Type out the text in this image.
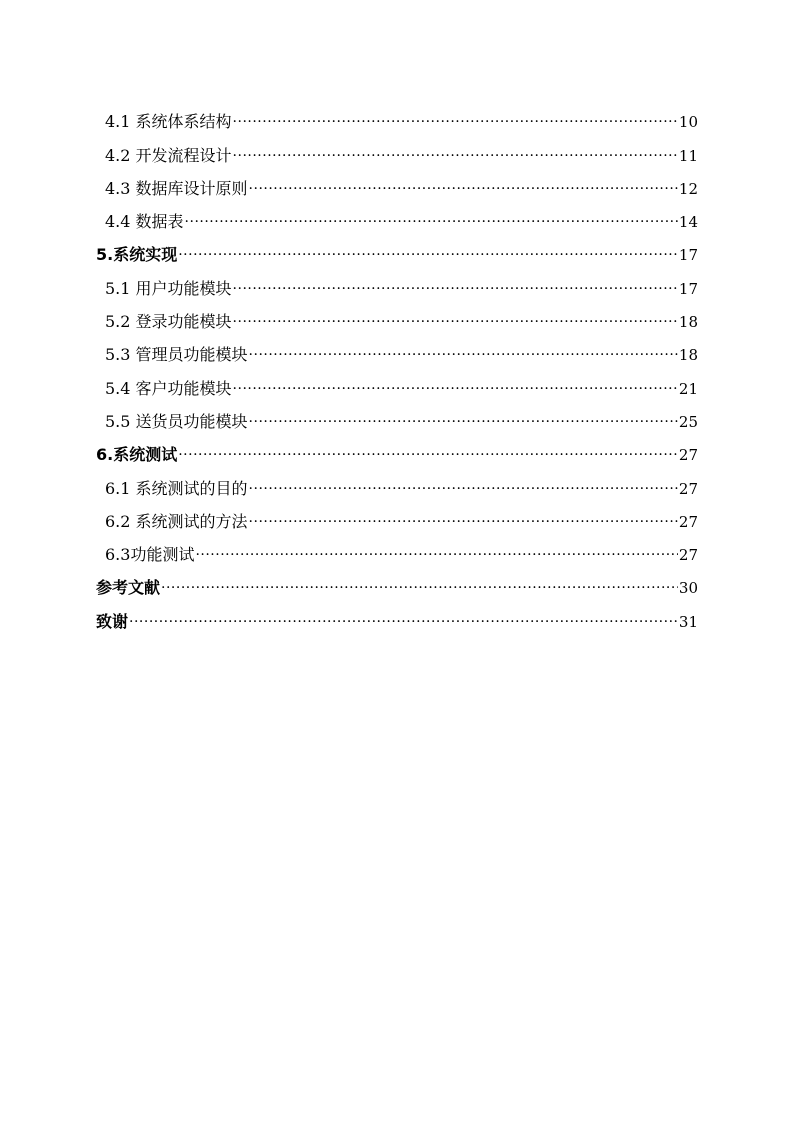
4.1 系统体系结构 ·····	10
4.2 开发流程设计 ·····	11
4.3 数据库设计原则 ·····	12
4.4 数据表 ·····	14
5.系统实现 ·····	17
5.1 用户功能模块 ·····	17
5.2 登录功能模块 ·····	18
5.3 管理员功能模块 ·····	18
5.4 客户功能模块 ·····	21
5.5 送货员功能模块 ·····	25
6.系统测试 ·····	27
6.1 系统测试的目的 ·····	27
6.2 系统测试的方法 ·····	27
6.3功能测试 ·····	27
参考文献 ·····	30
致谢 ·····	31
